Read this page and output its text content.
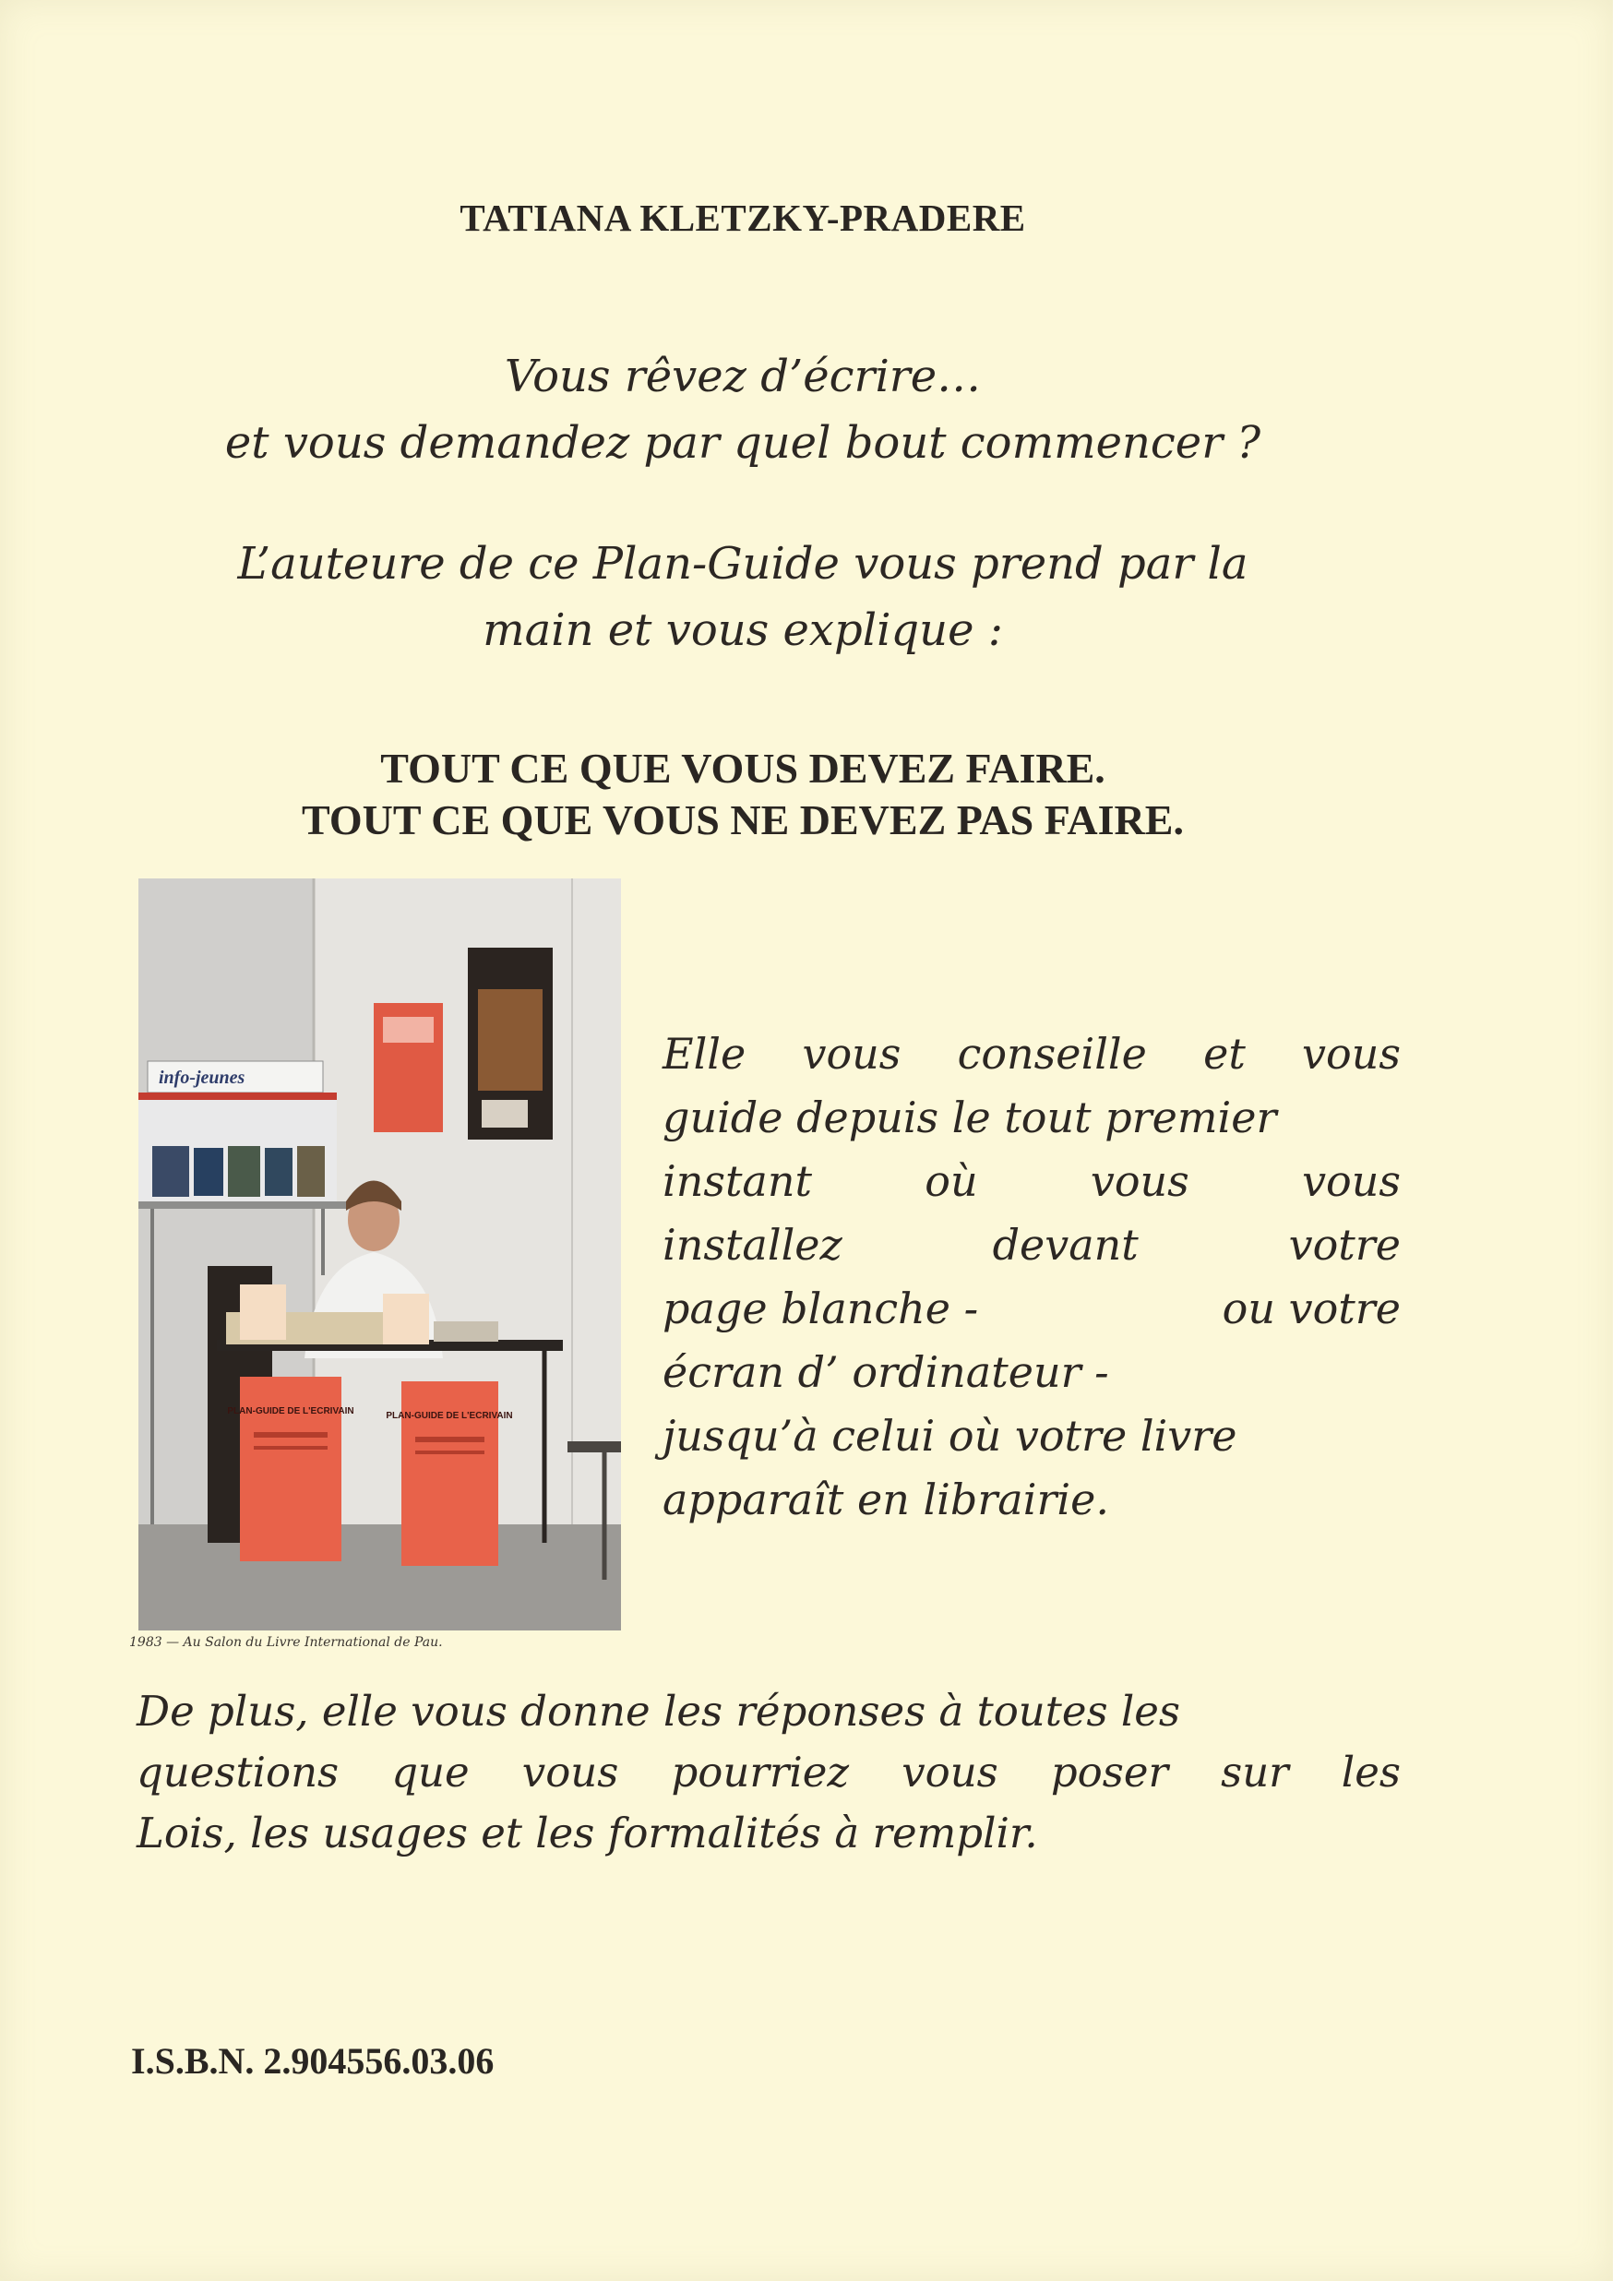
TATIANA KLETZKY-PRADERE
Vous rêvez d’écrire…
et vous demandez par quel bout commencer ?
L’auteure de ce Plan-Guide vous prend par la
main et vous explique :
TOUT CE QUE VOUS DEVEZ FAIRE.
TOUT CE QUE VOUS NE DEVEZ PAS FAIRE.
info-jeunes
PLAN-GUIDE DE L'ECRIVAIN	PLAN-GUIDE DE L'ECRIVAIN
1983 — Au Salon du Livre International de Pau.
Elle vous conseille et vous
guide depuis le tout premier
instant	où	vous	vous
installez	devant	votre
page blanche -	ou votre
écran d’ ordinateur -
jusqu’à celui où votre livre
apparaît en librairie.
De plus, elle vous donne les réponses à toutes les
questions que vous pourriez vous poser sur les
Lois, les usages et les formalités à remplir.
I.S.B.N. 2.904556.03.06
